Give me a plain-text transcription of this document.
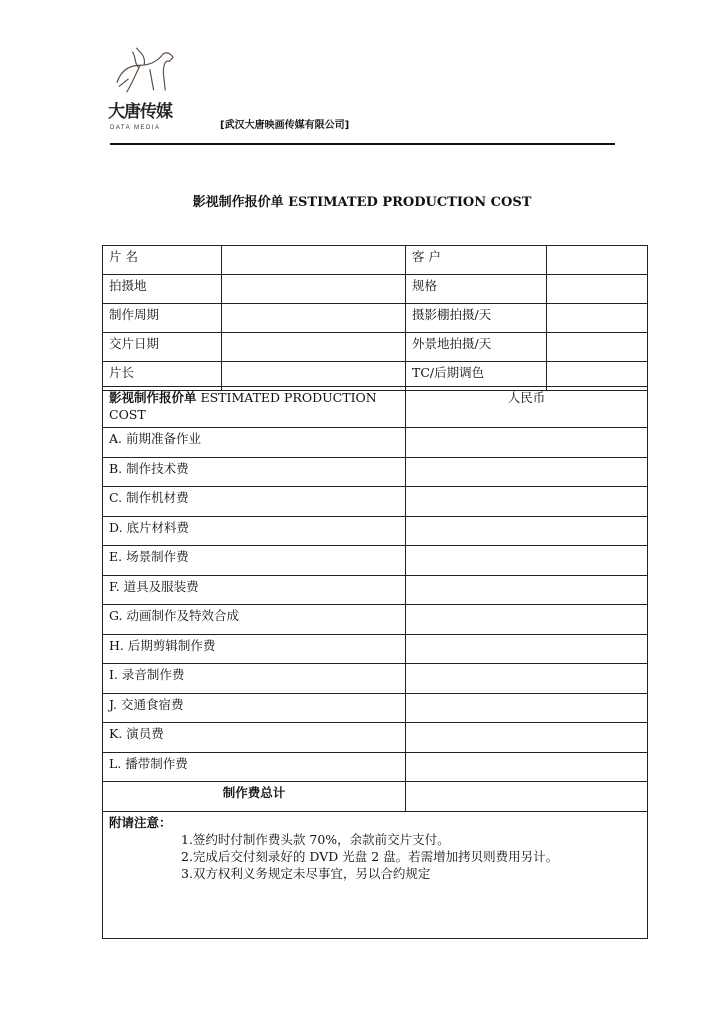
大唐传媒
DATA MEDIA	[武汉大唐映画传媒有限公司]
影视制作报价单 ESTIMATED PRODUCTION COST
片 名		客 户	
拍摄地		规格	
制作周期		摄影棚拍摄/天	
交片日期		外景地拍摄/天	
片长		TC/后期调色	
影视制作报价单 ESTIMATED PRODUCTION COST	人民币
A. 前期准备作业	
B. 制作技术费	
C. 制作机材费	
D. 底片材料费	
E. 场景制作费	
F. 道具及服装费	
G. 动画制作及特效合成	
H. 后期剪辑制作费	
I. 录音制作费	
J. 交通食宿费	
K. 演员费	
L. 播带制作费	
制作费总计	

附请注意：
1.签约时付制作费头款 70%，余款前交片支付。
2.完成后交付刻录好的 DVD 光盘 2 盘。若需增加拷贝则费用另计。
3.双方权利义务规定未尽事宜，另以合约规定	
